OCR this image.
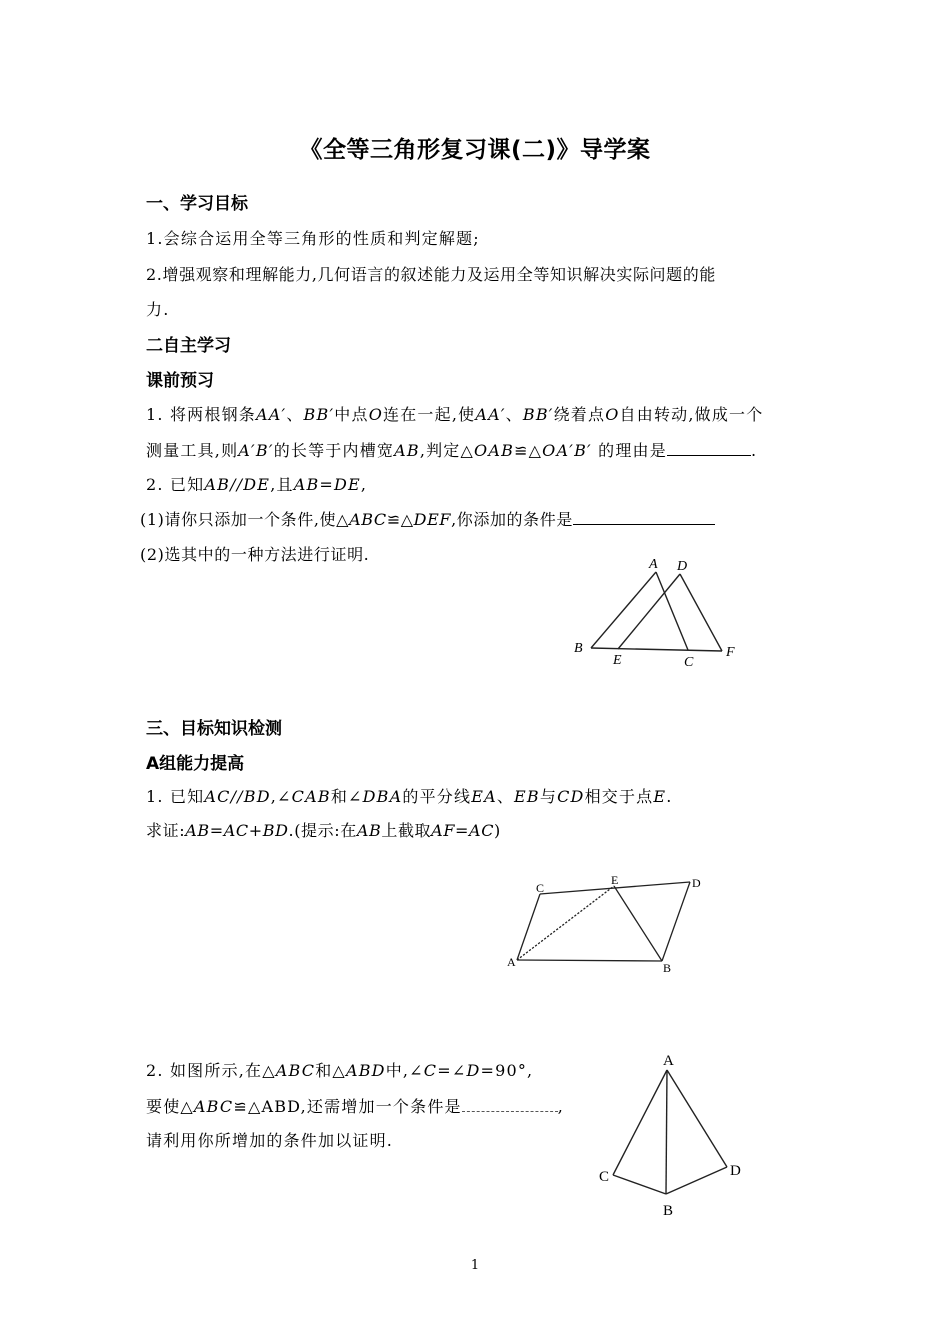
《全等三角形复习课(二)》导学案
一、学习目标
1.会综合运用全等三角形的性质和判定解题;
2.增强观察和理解能力,几何语言的叙述能力及运用全等知识解决实际问题的能
力.
二自主学习
课前预习
1. 将两根钢条AA′、BB′中点O连在一起,使AA′、BB′绕着点O自由转动,做成一个
测量工具,则A′B′的长等于内槽宽AB,判定△OAB≌△OA′B′ 的理由是	.
2. 已知AB//DE,且AB=DE,
(1)请你只添加一个条件,使△ABC≌△DEF,你添加的条件是
(2)选其中的一种方法进行证明.
A D
B
E	C
F
三、目标知识检测
A组能力提高
1. 已知AC//BD,∠CAB和∠DBA的平分线EA、EB与CD相交于点E.
求证:AB=AC+BD.(提示:在AB上截取AF=AC)
C
E	D
A	B
2. 如图所示,在△ABC和△ABD中,∠C=∠D=90°,
要使△ABC≌△ABD,还需增加一个条件是	,
请利用你所增加的条件加以证明.
A
C	D
B
1
